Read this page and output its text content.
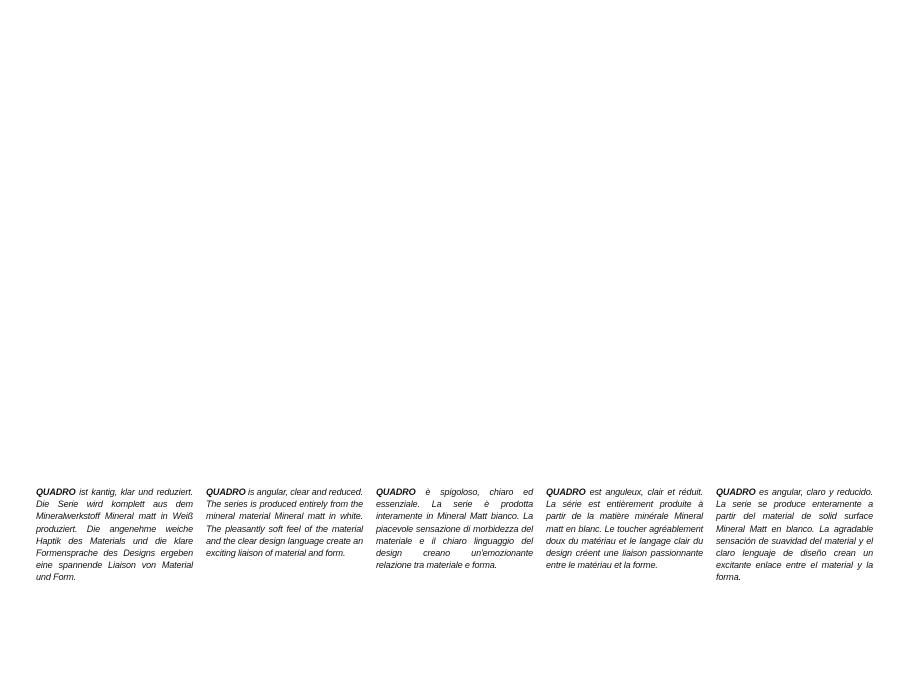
QUADRO ist kantig, klar und reduziert. Die Serie wird komplett aus dem Mineralwerkstoff Mineral matt in Weiß produziert. Die angenehme weiche Haptik des Materials und die klare Formensprache des Designs ergeben eine spannende Liaison von Material und Form.

QUADRO is angular, clear and reduced. The series is produced entirely from the mineral material Mineral matt in white. The pleasantly soft feel of the material and the clear design language create an exciting liaison of material and form.

QUADRO è spigoloso, chiaro ed essenziale. La serie è prodotta interamente in Mineral Matt bianco. La piacevole sensazione di morbidezza del materiale e il chiaro linguaggio del design creano un'emozionante relazione tra materiale e forma.

QUADRO est anguleux, clair et réduit. La série est entièrement produite à partir de la matière minérale Mineral matt en blanc. Le toucher agréablement doux du matériau et le langage clair du design créent une liaison passionnante entre le matériau et la forme.

QUADRO es angular, claro y reducido. La serie se produce enteramente a partir del material de solid surface Mineral Matt en blanco. La agradable sensación de suavidad del material y el claro lenguaje de diseño crean un excitante enlace entre el material y la forma.
